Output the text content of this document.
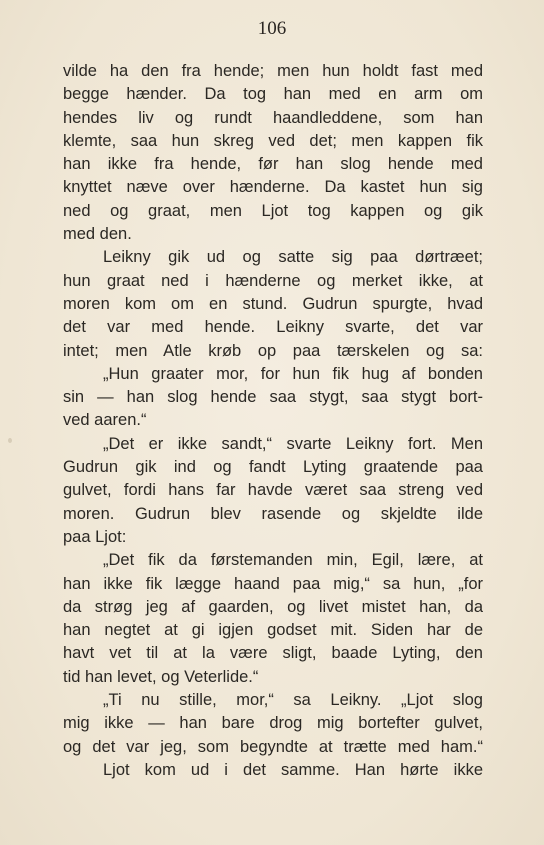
106
vilde ha den fra hende; men hun holdt fast med
begge hænder. Da tog han med en arm om
hendes liv og rundt haandleddene, som han
klemte, saa hun skreg ved det; men kappen fik
han ikke fra hende, før han slog hende med
knyttet næve over hænderne. Da kastet hun sig
ned og graat, men Ljot tog kappen og gik
med den.
Leikny gik ud og satte sig paa dørtræet;
hun graat ned i hænderne og merket ikke, at
moren kom om en stund. Gudrun spurgte, hvad
det var med hende. Leikny svarte, det var
intet; men Atle krøb op paa tærskelen og sa:
„Hun graater mor, for hun fik hug af bonden
sin — han slog hende saa stygt, saa stygt bort-
ved aaren.“
„Det er ikke sandt,“ svarte Leikny fort. Men
Gudrun gik ind og fandt Lyting graatende paa
gulvet, fordi hans far havde været saa streng ved
moren. Gudrun blev rasende og skjeldte ilde
paa Ljot:
„Det fik da førstemanden min, Egil, lære, at
han ikke fik lægge haand paa mig,“ sa hun, „for
da strøg jeg af gaarden, og livet mistet han, da
han negtet at gi igjen godset mit. Siden har de
havt vet til at la være sligt, baade Lyting, den
tid han levet, og Veterlide.“
„Ti nu stille, mor,“ sa Leikny. „Ljot slog
mig ikke — han bare drog mig bortefter gulvet,
og det var jeg, som begyndte at trætte med ham.“
Ljot kom ud i det samme. Han hørte ikke
